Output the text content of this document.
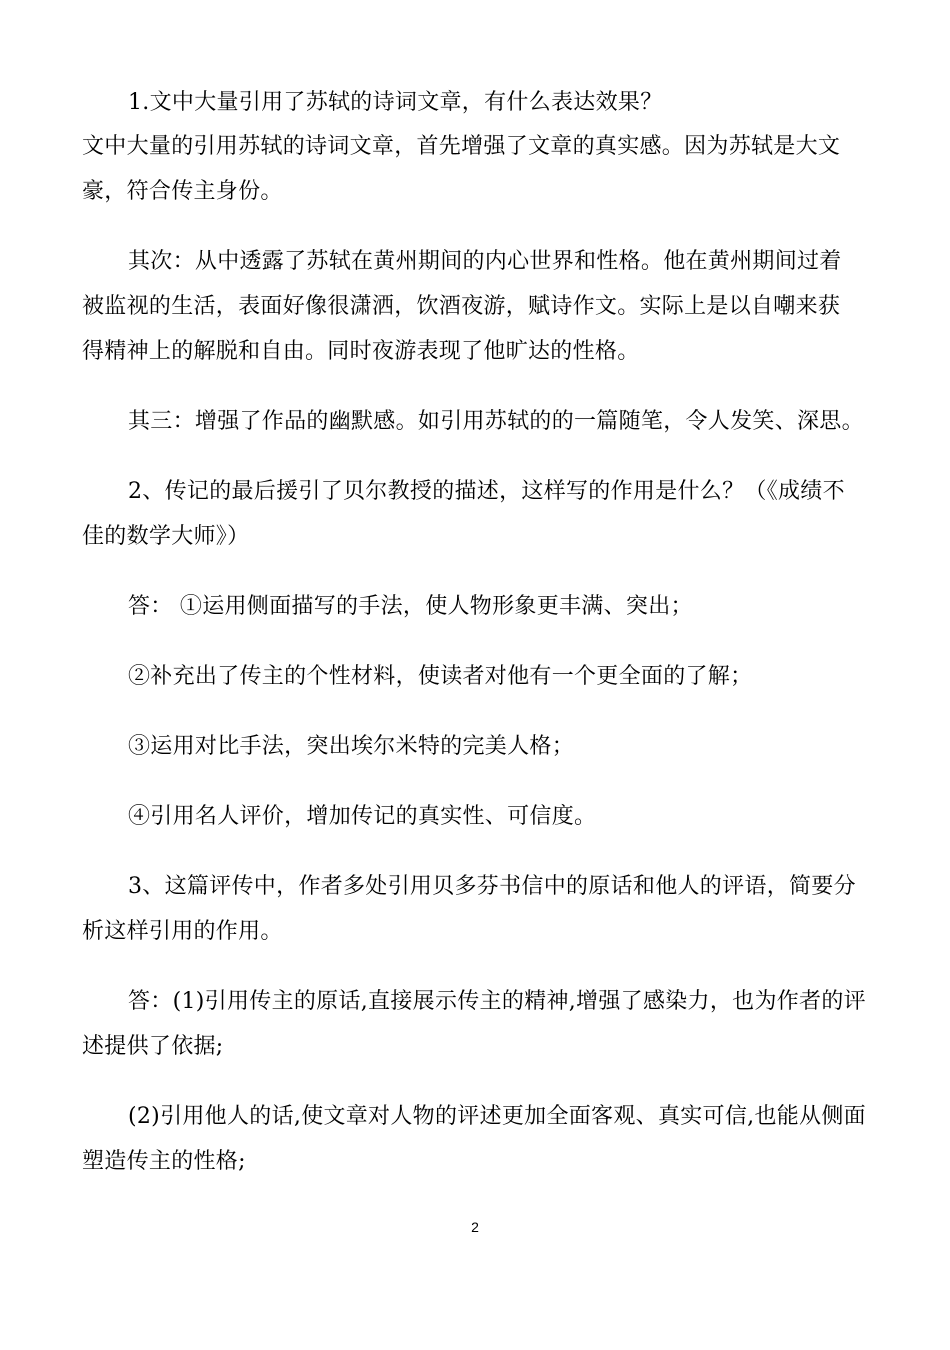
1.文中大量引用了苏轼的诗词文章，有什么表达效果？
文中大量的引用苏轼的诗词文章，首先增强了文章的真实感。因为苏轼是大文
豪，符合传主身份。
其次：从中透露了苏轼在黄州期间的内心世界和性格。他在黄州期间过着
被监视的生活，表面好像很潇洒，饮酒夜游，赋诗作文。实际上是以自嘲来获
得精神上的解脱和自由。同时夜游表现了他旷达的性格。
其三：增强了作品的幽默感。如引用苏轼的的一篇随笔，令人发笑、深思。
2、传记的最后援引了贝尔教授的描述，这样写的作用是什么？（《成绩不
佳的数学大师》）
答： ①运用侧面描写的手法，使人物形象更丰满、突出；
②补充出了传主的个性材料，使读者对他有一个更全面的了解；
③运用对比手法，突出埃尔米特的完美人格；
④引用名人评价，增加传记的真实性、可信度。
3、这篇评传中，作者多处引用贝多芬书信中的原话和他人的评语，简要分
析这样引用的作用。
答：(1)引用传主的原话,直接展示传主的精神,增强了感染力，也为作者的评
述提供了依据;
(2)引用他人的话,使文章对人物的评述更加全面客观、真实可信,也能从侧面
塑造传主的性格;
2
